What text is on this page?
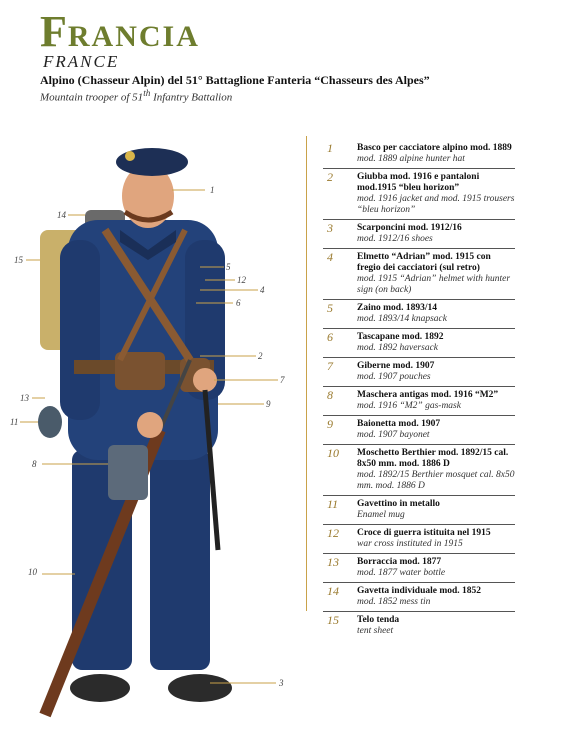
FRANCIA
FRANCE
Alpino (Chasseur Alpin) del 51° Battaglione Fanteria “Chasseurs des Alpes”
Mountain trooper of 51th Infantry Battalion
1
2
3
4
5
6
7
8
9
10
11
12
13
14
15
1	Basco per cacciatore alpino mod. 1889
mod. 1889 alpine hunter hat
2	Giubba mod. 1916 e pantaloni mod.1915 “bleu horizon”
mod. 1916 jacket and mod. 1915 trousers “bleu horizon”
3	Scarponcini mod. 1912/16
mod. 1912/16 shoes
4	Elmetto “Adrian” mod. 1915 con fregio dei cacciatori (sul retro)
mod. 1915 “Adrian” helmet with hunter sign (on back)
5	Zaino mod. 1893/14
mod. 1893/14 knapsack
6	Tascapane mod. 1892
mod. 1892 haversack
7	Giberne mod. 1907
mod. 1907 pouches
8	Maschera antigas mod. 1916 “M2”
mod. 1916 “M2” gas-mask
9	Baionetta mod. 1907
mod. 1907 bayonet
10 Moschetto Berthier mod. 1892/15 cal. 8x50 mm. mod. 1886 D
mod. 1892/15 Berthier mosquet cal. 8x50 mm. mod. 1886 D
11 Gavettino in metallo
Enamel mug
12 Croce di guerra istituita nel 1915
war cross instituted in 1915
13 Borraccia mod. 1877
mod. 1877 water bottle
14 Gavetta individuale mod. 1852
mod. 1852 mess tin
15 Telo tenda
tent sheet
